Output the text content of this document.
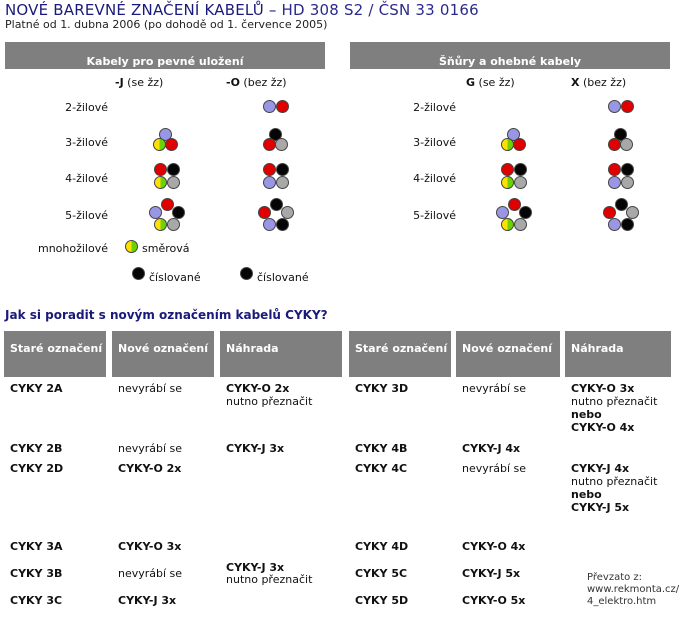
NOVÉ BAREVNÉ ZNAČENÍ KABELŮ – HD 308 S2 / ČSN 33 0166
Platné od 1. dubna 2006 (po dohodě od 1. července 2005)
Kabely pro pevné uložení	Šňůry a ohebné kabely
-J (se žz)	-O (bez žz)	G (se žz)	X (bez žz)
2-žilové
3-žilové
4-žilové
5-žilové
mnohožilové
2-žilové
3-žilové
4-žilové
5-žilové
směrová
číslované	číslované
Jak si poradit s novým označením kabelů CYKY?
Staré označení	Nové označení	Náhrada	Staré označení	Nové označení	Náhrada
CYKY 2A	nevyrábí se	CYKY-O 2x
nutno přeznačit
CYKY 2B	nevyrábí se	CYKY-J 3x
CYKY 2D	CYKY-O 2x
CYKY 3A	CYKY-O 3x
CYKY 3B	nevyrábí se	CYKY-J 3x
nutno přeznačit
CYKY 3C	CYKY-J 3x
CYKY 3D	nevyrábí se	CYKY-O 3x
nutno přeznačit
nebo
CYKY-O 4x
CYKY 4B	CYKY-J 4x
CYKY 4C	nevyrábí se	CYKY-J 4x
nutno přeznačit
nebo
CYKY-J 5x
CYKY 4D	CYKY-O 4x
CYKY 5C	CYKY-J 5x
CYKY 5D	CYKY-O 5x
Převzato z:
www.rekmonta.cz/
4_elektro.htm
